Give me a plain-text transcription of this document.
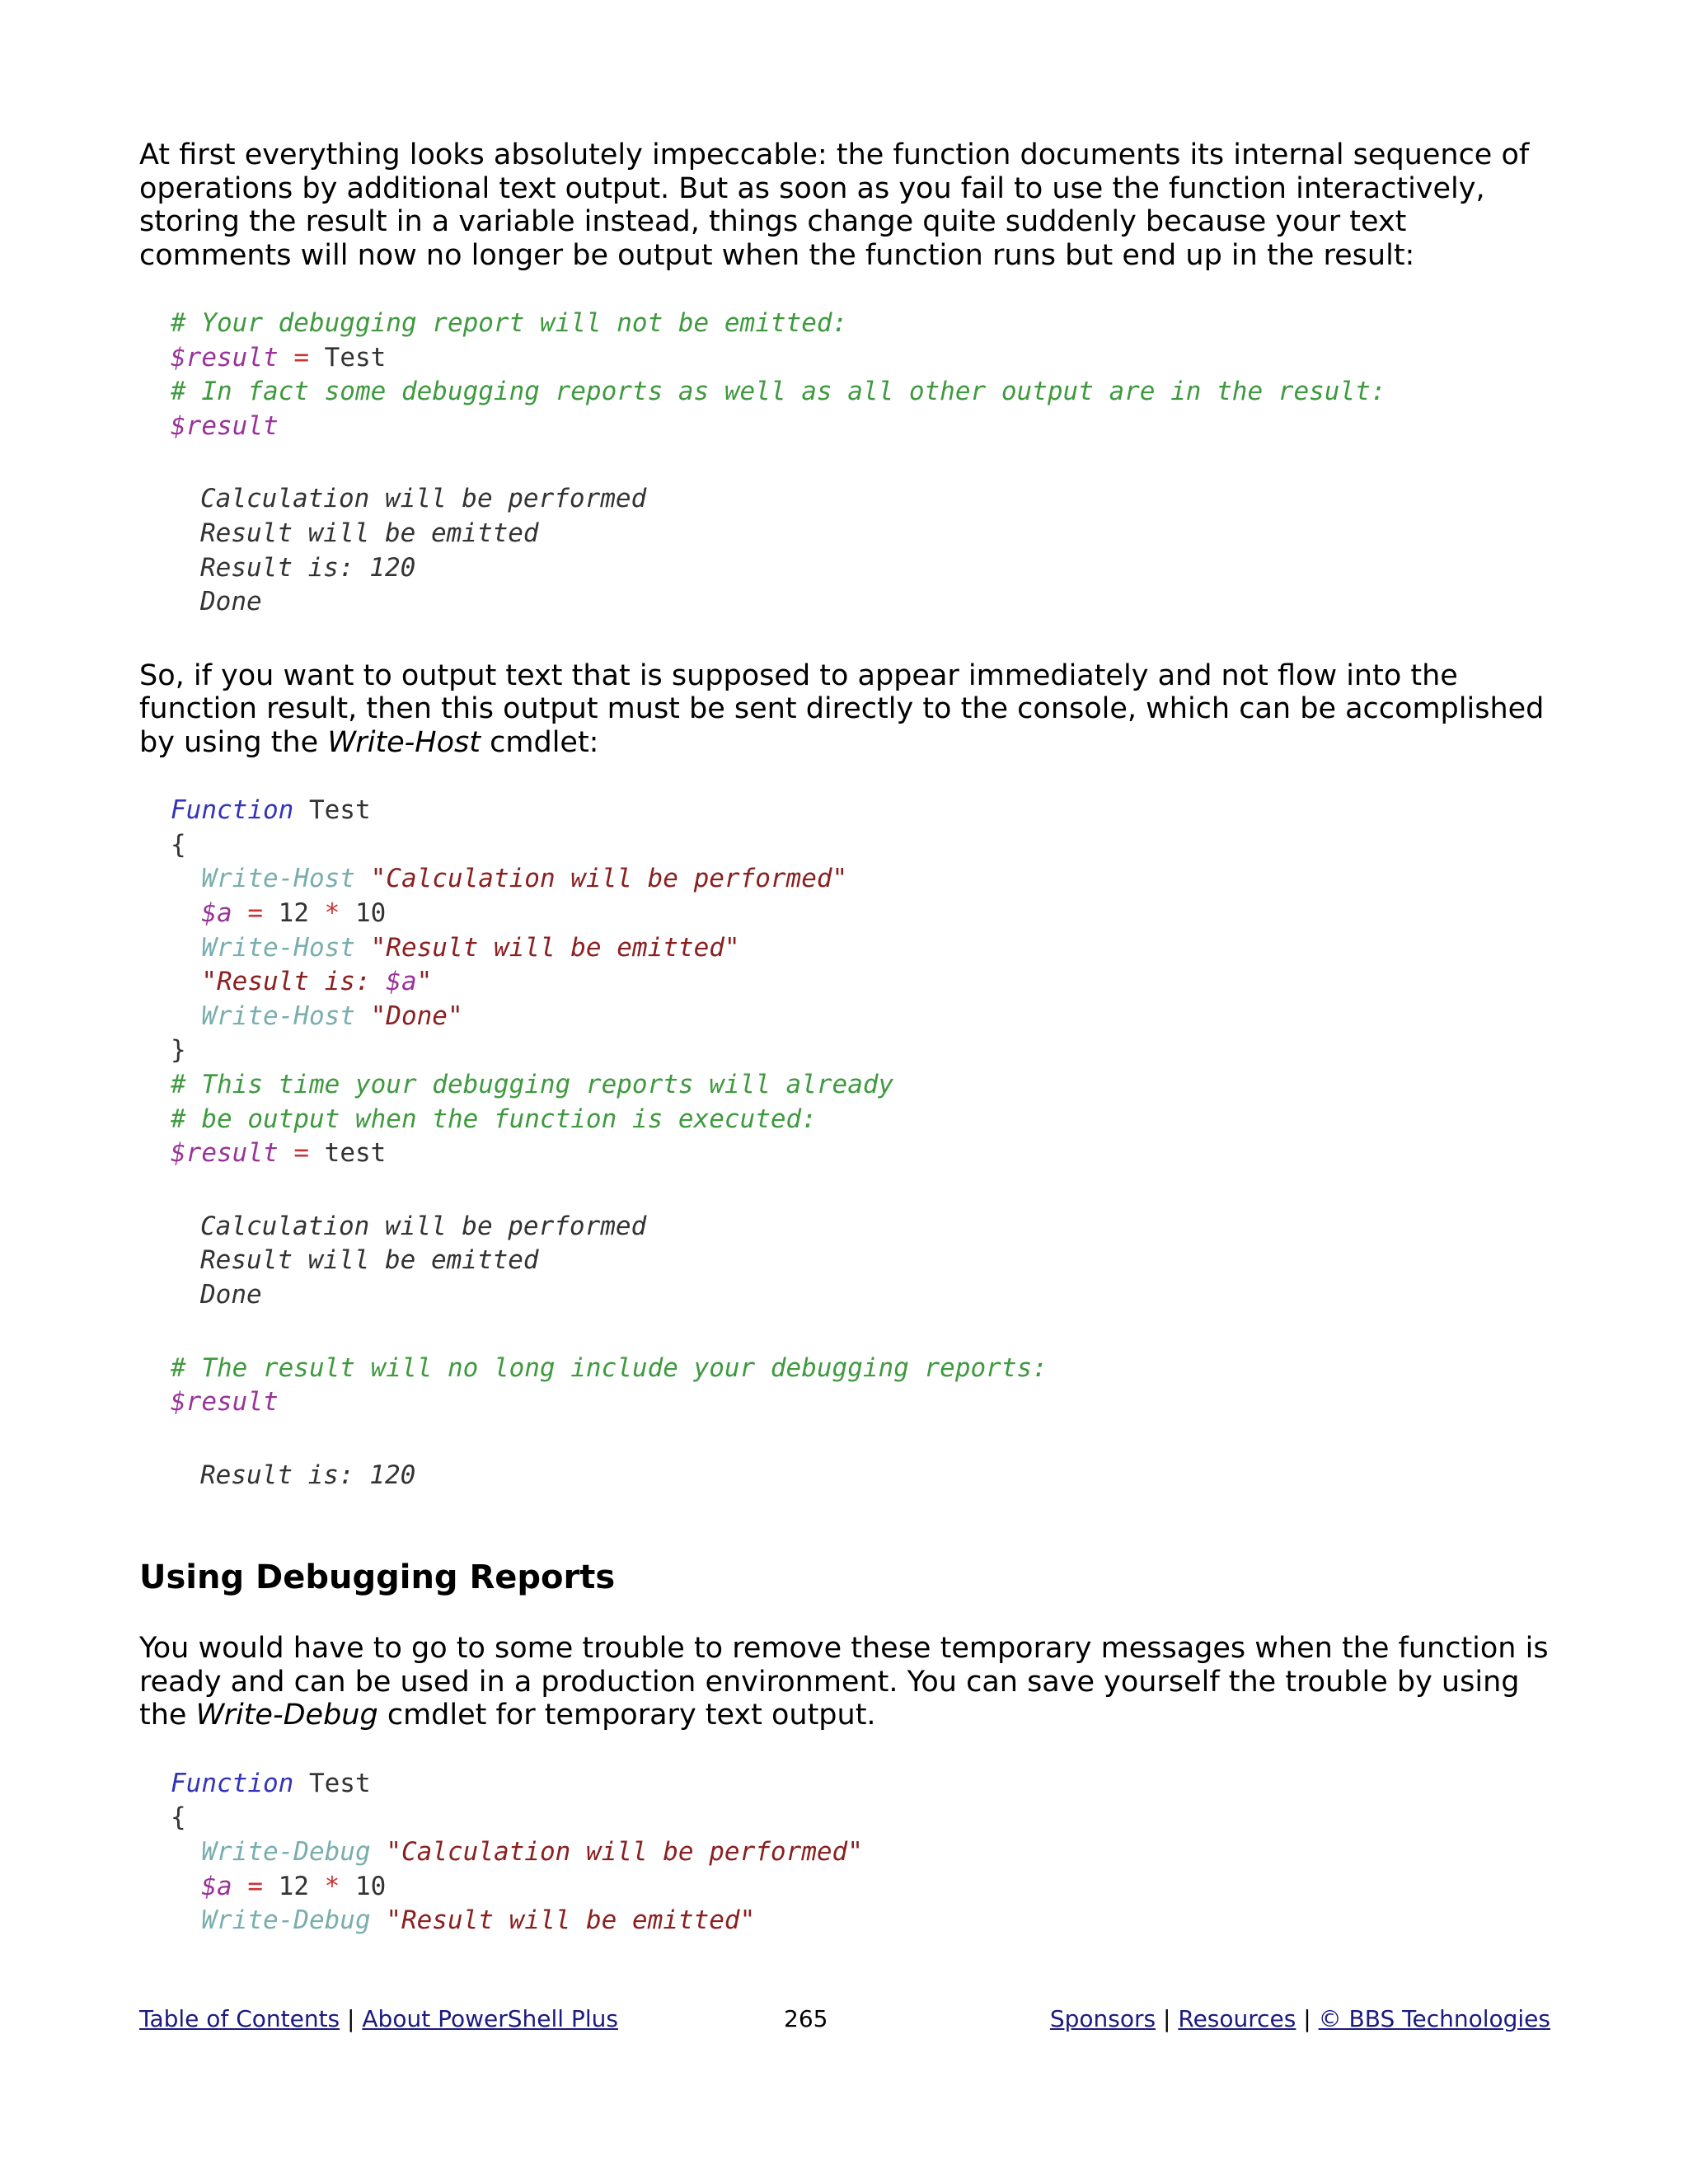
At first everything looks absolutely impeccable: the function documents its internal sequence of operations by additional text output. But as soon as you fail to use the function interactively, storing the result in a variable instead, things change quite suddenly because your text comments will now no longer be output when the function runs but end up in the result:

# Your debugging report will not be emitted:
$result = Test
# In fact some debugging reports as well as all other output are in the result:
$result
Calculation will be performed
Result will be emitted
Result is: 120
Done

So, if you want to output text that is supposed to appear immediately and not flow into the function result, then this output must be sent directly to the console, which can be accomplished by using the Write-Host cmdlet:

Function Test
{
Write-Host "Calculation will be performed"
$a = 12 * 10
Write-Host "Result will be emitted"
"Result is: $a"
Write-Host "Done"
}
# This time your debugging reports will already
# be output when the function is executed:
$result = test
Calculation will be performed
Result will be emitted
Done
# The result will no long include your debugging reports:
$result
Result is: 120
Using Debugging Reports

You would have to go to some trouble to remove these temporary messages when the function is ready and can be used in a production environment. You can save yourself the trouble by using the Write-Debug cmdlet for temporary text output.

Function Test
{
Write-Debug "Calculation will be performed"
$a = 12 * 10
Write-Debug "Result will be emitted"
Table of Contents | About PowerShell Plus	265	Sponsors | Resources | © BBS Technologies
